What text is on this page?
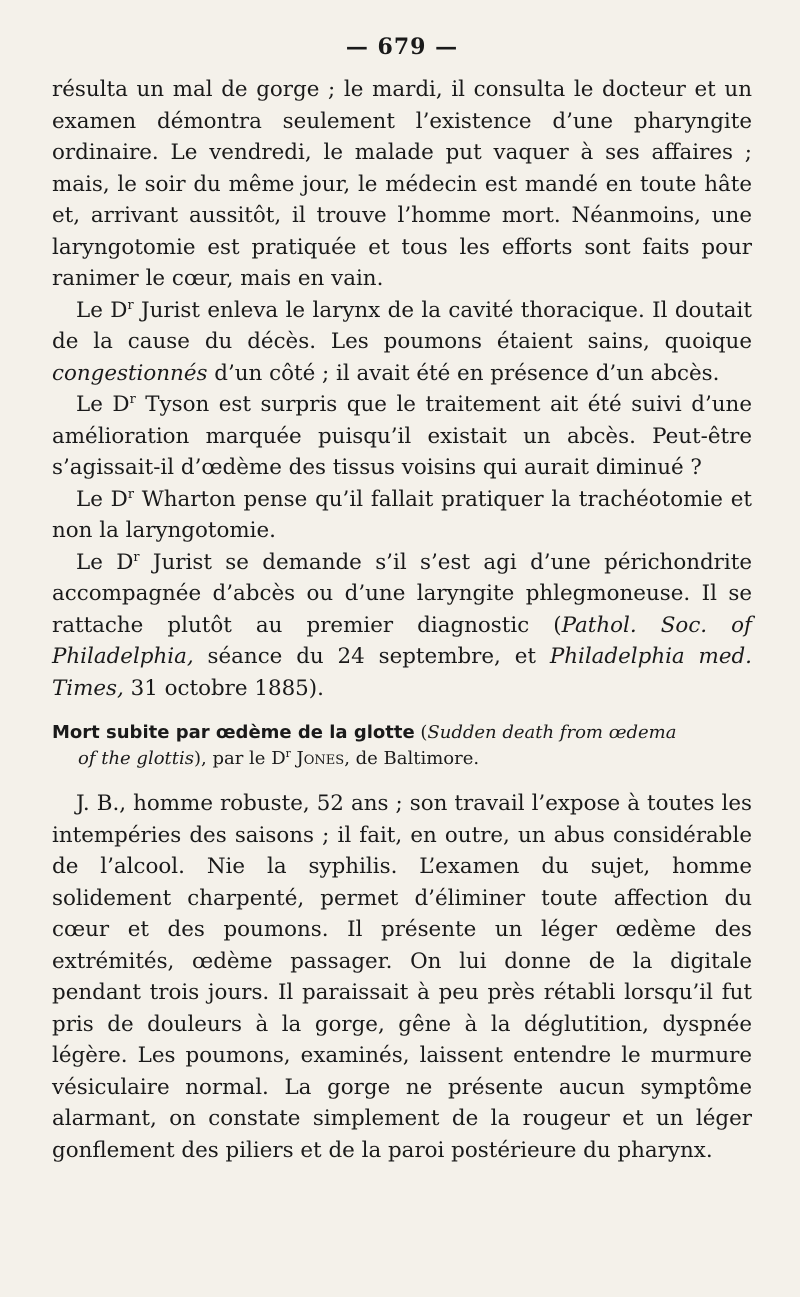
— 679 —

résulta un mal de gorge ; le mardi, il consulta le docteur et un examen démontra seulement l’existence d’une pharyngite ordinaire. Le vendredi, le malade put vaquer à ses affaires ; mais, le soir du même jour, le médecin est mandé en toute hâte et, arrivant aussitôt, il trouve l’homme mort. Néanmoins, une laryngotomie est pratiquée et tous les efforts sont faits pour ranimer le cœur, mais en vain.

Le $D^r$ Jurist enleva le larynx de la cavité thoracique. Il doutait de la cause du décès. Les poumons étaient sains, quoique congestionnés d’un côté ; il avait été en présence d’un abcès.

Le $D^r$ Tyson est surpris que le traitement ait été suivi d’une amélioration marquée puisqu’il existait un abcès. Peut-être s’agissait-il d’œdème des tissus voisins qui aurait diminué ?

Le $D^r$ Wharton pense qu’il fallait pratiquer la trachéotomie et non la laryngotomie.

Le $D^r$ Jurist se demande s’il s’est agi d’une périchondrite accompagnée d’abcès ou d’une laryngite phlegmoneuse. Il se rattache plutôt au premier diagnostic (Pathol. Soc. of Philadelphia, séance du 24 septembre, et Philadelphia med. Times, 31 octobre 1885).

Mort subite par œdème de la glotte (Sudden death from œdema
of the glottis), par le $D^r$ Jones, de Baltimore.

J. B., homme robuste, 52 ans ; son travail l’expose à toutes les intempéries des saisons ; il fait, en outre, un abus considérable de l’alcool. Nie la syphilis. L’examen du sujet, homme solidement charpenté, permet d’éliminer toute affection du cœur et des poumons. Il présente un léger œdème des extrémités, œdème passager. On lui donne de la digitale pendant trois jours. Il paraissait à peu près rétabli lorsqu’il fut pris de douleurs à la gorge, gêne à la déglutition, dyspnée légère. Les poumons, examinés, laissent entendre le murmure vésiculaire normal. La gorge ne présente aucun symptôme alarmant, on constate simplement de la rougeur et un léger gonflement des piliers et de la paroi postérieure du pharynx.
